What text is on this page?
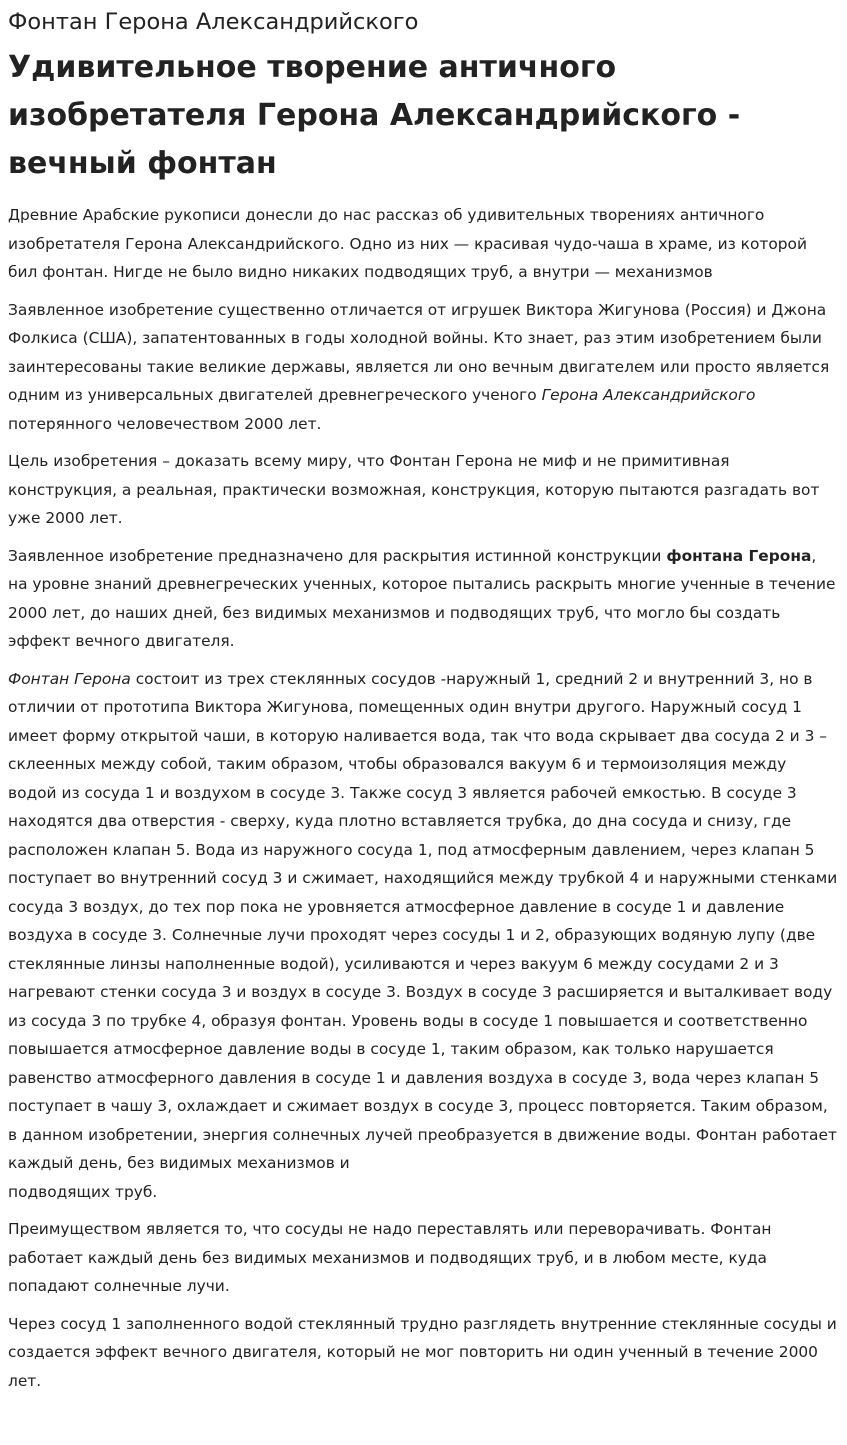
Фонтан Герона Александрийского
Удивительное творение античного изобретателя Герона Александрийского - вечный фонтан

Древние Арабские рукописи донесли до нас рассказ об удивительных творениях античного изобретателя Герона Александрийского. Одно из них — красивая чудо-чаша в храме, из которой бил фонтан. Нигде не было видно никаких подводящих труб, а внутри — механизмов

Заявленное изобретение существенно отличается от игрушек Виктора Жигунова (Россия) и Джона Фолкиса (США), запатентованных в годы холодной войны. Кто знает, раз этим изобретением были заинтересованы такие великие державы, является ли оно вечным двигателем или просто является одним из универсальных двигателей древнегреческого ученого Герона Александрийского потерянного человечеством 2000 лет.

Цель изобретения – доказать всему миру, что Фонтан Герона не миф и не примитивная конструкция, а реальная, практически возможная, конструкция, которую пытаются разгадать вот уже 2000 лет.

Заявленное изобретение предназначено для раскрытия истинной конструкции фонтана Герона, на уровне знаний древнегреческих ученных, которое пытались раскрыть многие ученные в течение 2000 лет, до наших дней, без видимых механизмов и подводящих труб, что могло бы создать эффект вечного двигателя.

Фонтан Герона состоит из трех стеклянных сосудов -наружный 1, средний 2 и внутренний 3, но в отличии от прототипа Виктора Жигунова, помещенных один внутри другого. Наружный сосуд 1 имеет форму открытой чаши, в которую наливается вода, так что вода скрывает два сосуда 2 и 3 – склеенных между собой, таким образом, чтобы образовался вакуум 6 и термоизоляция между водой из сосуда 1 и воздухом в сосуде 3. Также сосуд 3 является рабочей емкостью. В сосуде 3 находятся два отверстия - сверху, куда плотно вставляется трубка, до дна сосуда и снизу, где расположен клапан 5. Вода из наружного сосуда 1, под атмосферным давлением, через клапан 5 поступает во внутренний сосуд 3 и сжимает, находящийся между трубкой 4 и наружными стенками сосуда 3 воздух, до тех пор пока не уровняется атмосферное давление в сосуде 1 и давление воздуха в сосуде 3. Солнечные лучи проходят через сосуды 1 и 2, образующих водяную лупу (две стеклянные линзы наполненные водой), усиливаются и через вакуум 6 между сосудами 2 и 3 нагревают стенки сосуда 3 и воздух в сосуде 3. Воздух в сосуде 3 расширяется и выталкивает воду из сосуда 3 по трубке 4, образуя фонтан. Уровень воды в сосуде 1 повышается и соответственно
повышается атмосферное давление воды в сосуде 1, таким образом, как только нарушается равенство атмосферного давления в сосуде 1 и давления воздуха в сосуде 3, вода через клапан 5 поступает в чашу 3, охлаждает и сжимает воздух в сосуде 3, процесс повторяется. Таким образом, в данном изобретении, энергия солнечных лучей преобразуется в движение воды. Фонтан работает каждый день, без видимых механизмов и
подводящих труб.

Преимуществом является то, что сосуды не надо переставлять или переворачивать. Фонтан работает каждый день без видимых механизмов и подводящих труб, и в любом месте, куда попадают солнечные лучи.

Через сосуд 1 заполненного водой стеклянный трудно разглядеть внутренние стеклянные сосуды и создается эффект вечного двигателя, который не мог повторить ни один ученный в течение 2000 лет.
